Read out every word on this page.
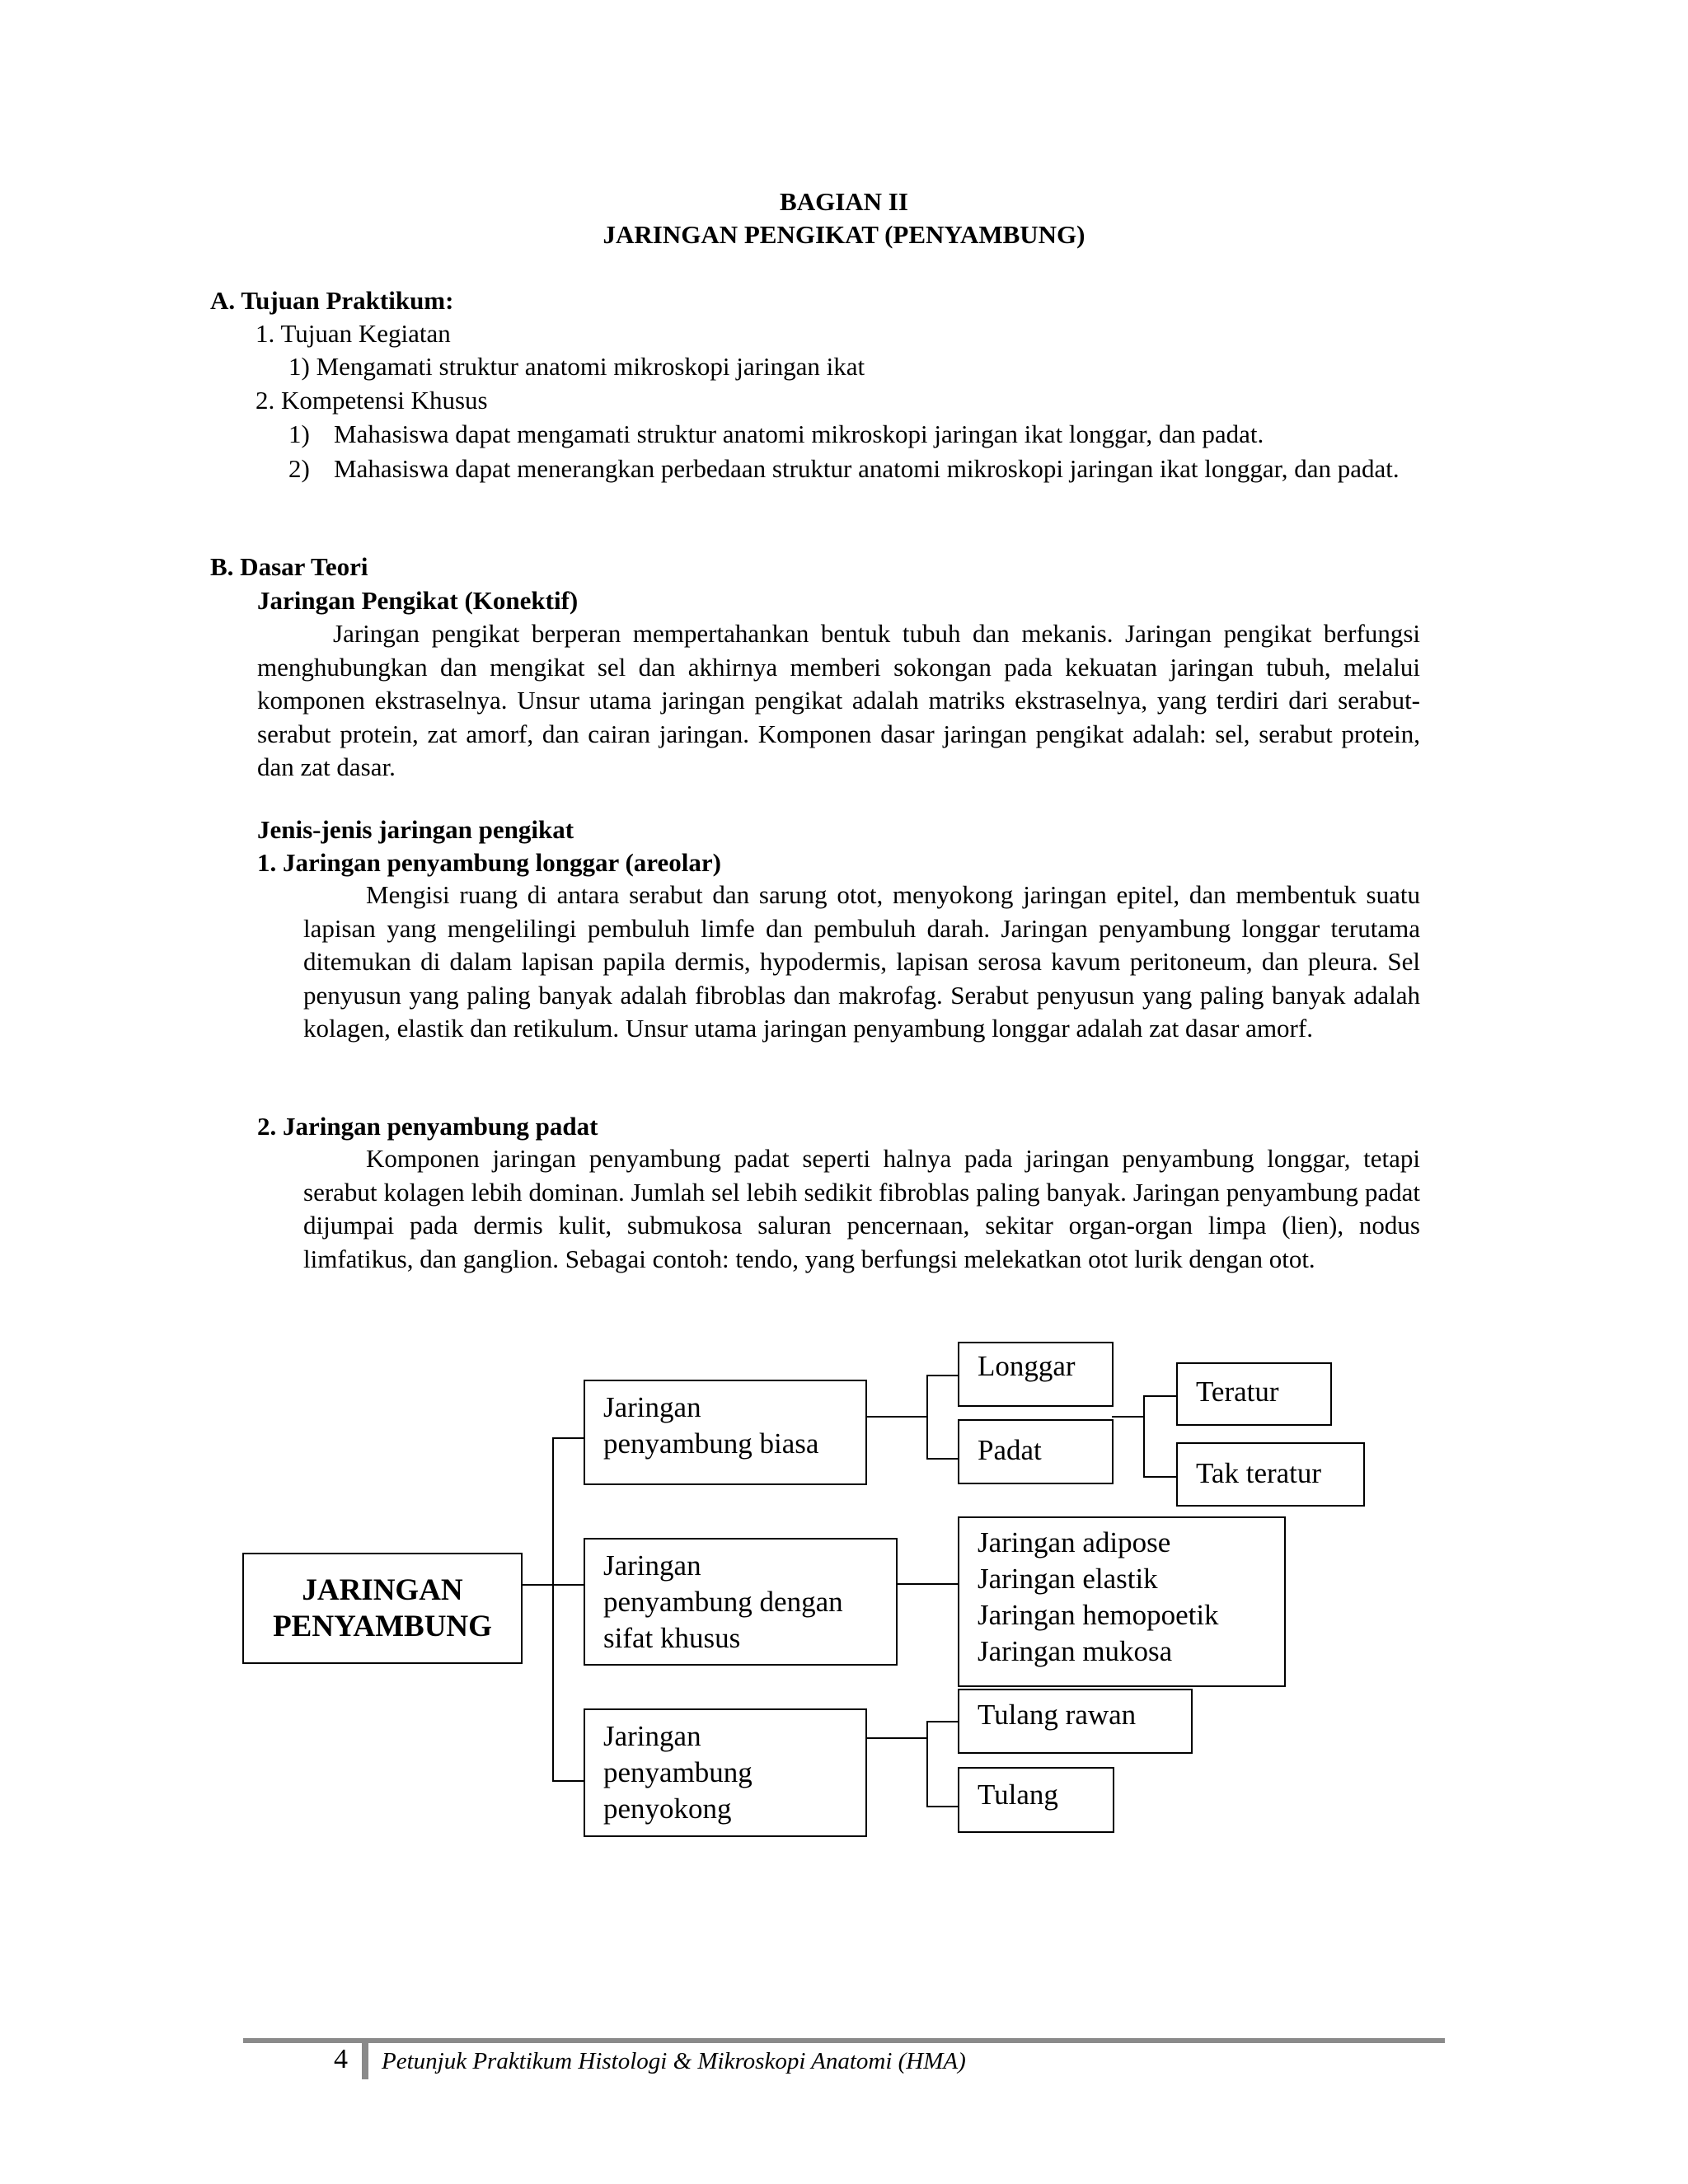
BAGIAN II
JARINGAN PENGIKAT (PENYAMBUNG)
A. Tujuan Praktikum:
1. Tujuan Kegiatan
1) Mengamati struktur anatomi mikroskopi jaringan ikat
2. Kompetensi Khusus
1) Mahasiswa dapat mengamati struktur anatomi mikroskopi jaringan ikat longgar, dan padat.
2) Mahasiswa dapat menerangkan perbedaan struktur anatomi mikroskopi jaringan ikat longgar, dan padat.
B. Dasar Teori
Jaringan Pengikat (Konektif)
Jaringan pengikat berperan mempertahankan bentuk tubuh dan mekanis. Jaringan pengikat berfungsi menghubungkan dan mengikat sel dan akhirnya memberi sokongan pada kekuatan jaringan tubuh, melalui komponen ekstraselnya. Unsur utama jaringan pengikat adalah matriks ekstraselnya, yang terdiri dari serabut-serabut protein, zat amorf, dan cairan jaringan. Komponen dasar jaringan pengikat adalah: sel, serabut protein, dan zat dasar.
Jenis-jenis jaringan pengikat
1. Jaringan penyambung longgar (areolar)
Mengisi ruang di antara serabut dan sarung otot, menyokong jaringan epitel, dan membentuk suatu lapisan yang mengelilingi pembuluh limfe dan pembuluh darah. Jaringan penyambung longgar terutama ditemukan di dalam lapisan papila dermis, hypodermis, lapisan serosa kavum peritoneum, dan pleura. Sel penyusun yang paling banyak adalah fibroblas dan makrofag. Serabut penyusun yang paling banyak adalah kolagen, elastik dan retikulum. Unsur utama jaringan penyambung longgar adalah zat dasar amorf.
2. Jaringan penyambung padat
Komponen jaringan penyambung padat seperti halnya pada jaringan penyambung longgar, tetapi serabut kolagen lebih dominan. Jumlah sel lebih sedikit fibroblas paling banyak. Jaringan penyambung padat dijumpai pada dermis kulit, submukosa saluran pencernaan, sekitar organ-organ limpa (lien), nodus limfatikus, dan ganglion. Sebagai contoh: tendo, yang berfungsi melekatkan otot lurik dengan otot.
JARINGAN
PENYAMBUNG
Jaringan
penyambung biasa
Jaringan
penyambung dengan
sifat khusus
Jaringan
penyambung
penyokong
Longgar
Padat
Teratur
Tak teratur
Jaringan adipose
Jaringan elastik
Jaringan hemopoetik
Jaringan mukosa
Tulang rawan
Tulang
4 Petunjuk Praktikum Histologi & Mikroskopi Anatomi (HMA)
